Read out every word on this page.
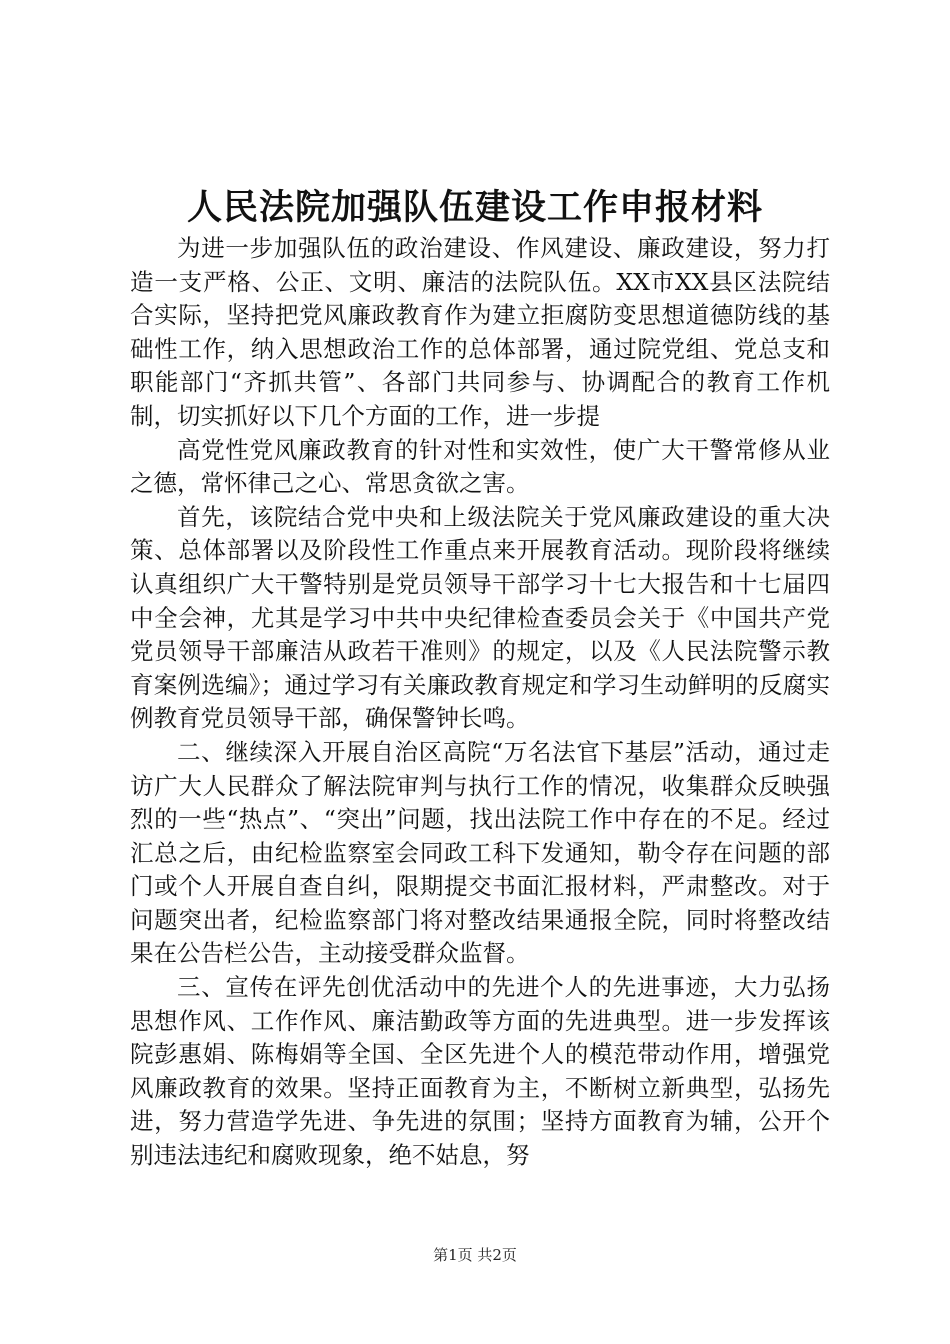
人民法院加强队伍建设工作申报材料

为进一步加强队伍的政治建设、作风建设、廉政建设，努力打造一支严格、公正、文明、廉洁的法院队伍。XX市XX县区法院结合实际，坚持把党风廉政教育作为建立拒腐防变思想道德防线的基础性工作，纳入思想政治工作的总体部署，通过院党组、党总支和职能部门“齐抓共管”、各部门共同参与、协调配合的教育工作机制，切实抓好以下几个方面的工作，进一步提

高党性党风廉政教育的针对性和实效性，使广大干警常修从业之德，常怀律己之心、常思贪欲之害。

首先，该院结合党中央和上级法院关于党风廉政建设的重大决策、总体部署以及阶段性工作重点来开展教育活动。现阶段将继续认真组织广大干警特别是党员领导干部学习十七大报告和十七届四中全会神，尤其是学习中共中央纪律检查委员会关于《中国共产党党员领导干部廉洁从政若干准则》的规定，以及《人民法院警示教育案例选编》；通过学习有关廉政教育规定和学习生动鲜明的反腐实例教育党员领导干部，确保警钟长鸣。

二、继续深入开展自治区高院“万名法官下基层”活动，通过走访广大人民群众了解法院审判与执行工作的情况，收集群众反映强烈的一些“热点”、“突出”问题，找出法院工作中存在的不足。经过汇总之后，由纪检监察室会同政工科下发通知，勒令存在问题的部门或个人开展自查自纠，限期提交书面汇报材料，严肃整改。对于问题突出者，纪检监察部门将对整改结果通报全院，同时将整改结果在公告栏公告，主动接受群众监督。

三、宣传在评先创优活动中的先进个人的先进事迹，大力弘扬思想作风、工作作风、廉洁勤政等方面的先进典型。进一步发挥该院彭惠娟、陈梅娟等全国、全区先进个人的模范带动作用，增强党风廉政教育的效果。坚持正面教育为主，不断树立新典型，弘扬先进，努力营造学先进、争先进的氛围；坚持方面教育为辅，公开个别违法违纪和腐败现象，绝不姑息，努

第1页 共2页
